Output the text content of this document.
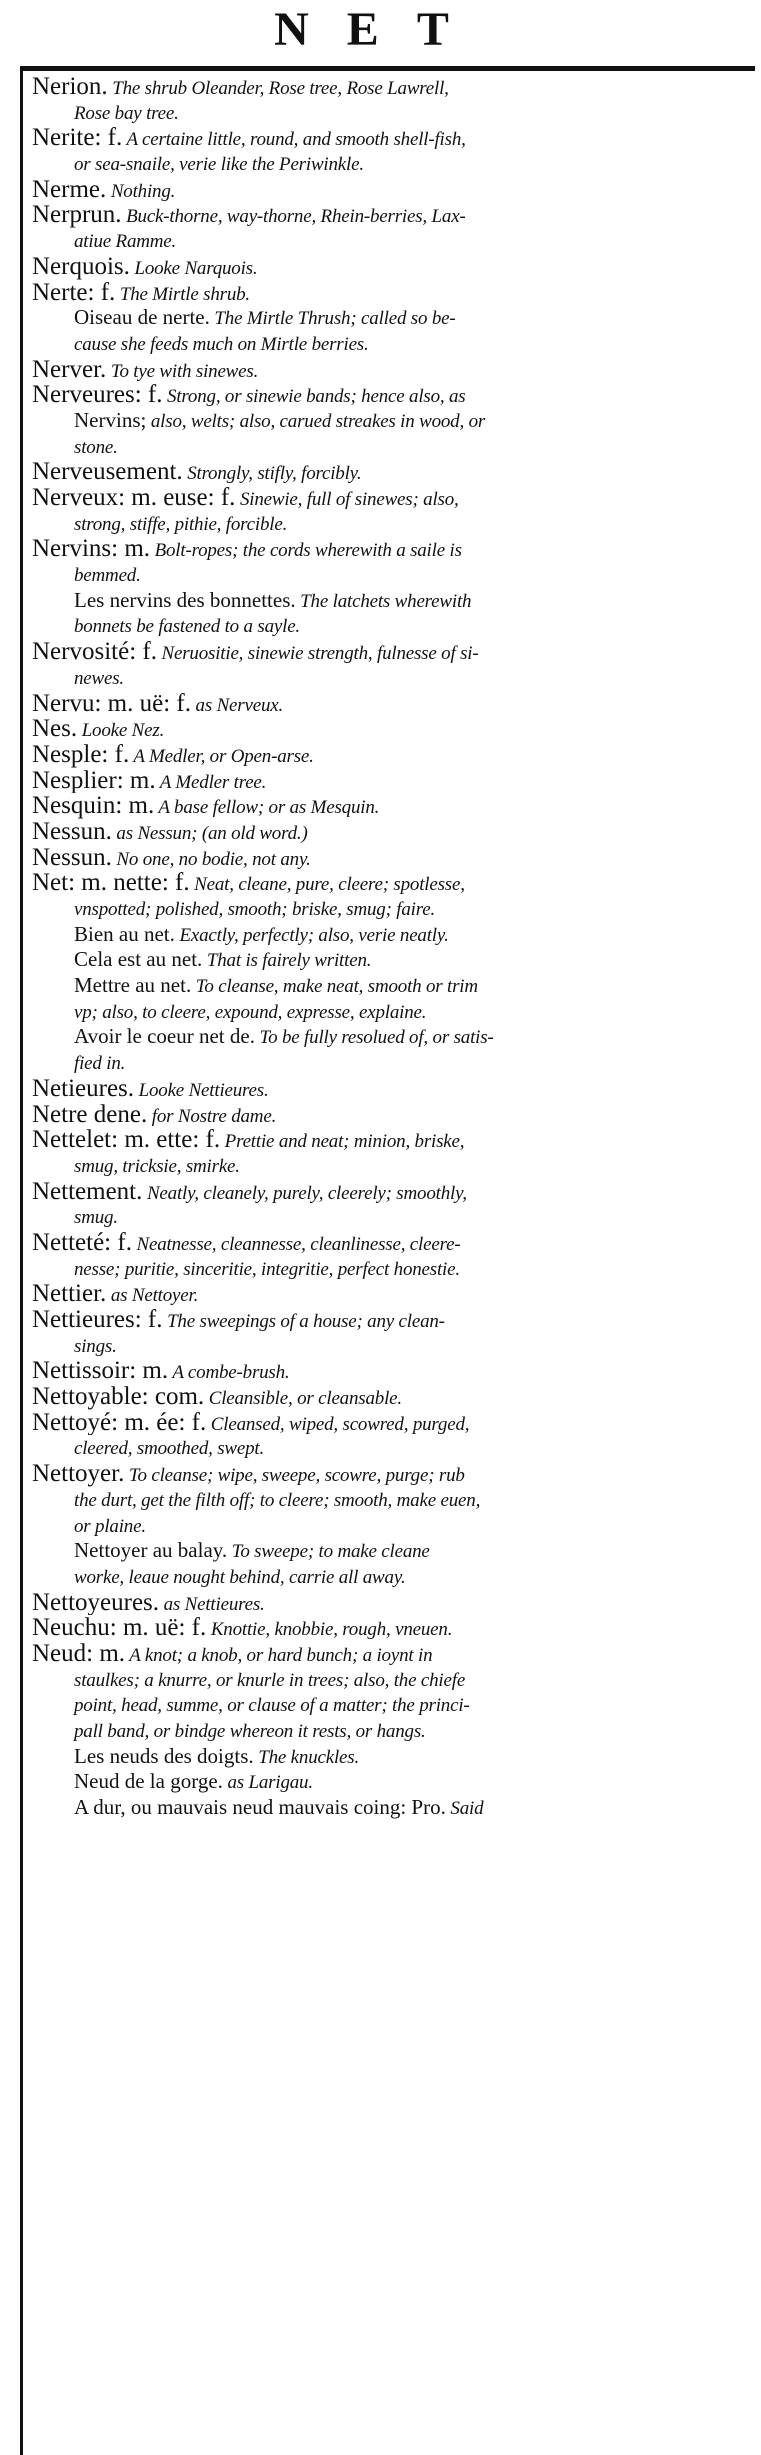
NET
Nerion. The shrub Oleander, Rose tree, Rose Lawrell,
Rose bay tree.
Nerite: f. A certaine little, round, and smooth shell-fish,
or sea-snaile, verie like the Periwinkle.
Nerme. Nothing.
Nerprun. Buck-thorne, way-thorne, Rhein-berries, Lax-
atiue Ramme.
Nerquois. Looke Narquois.
Nerte: f. The Mirtle shrub.
Oiseau de nerte. The Mirtle Thrush; called so be-
cause she feeds much on Mirtle berries.
Nerver. To tye with sinewes.
Nerveures: f. Strong, or sinewie bands; hence also, as
Nervins; also, welts; also, carued streakes in wood, or
stone.
Nerveusement. Strongly, stifly, forcibly.
Nerveux: m. euse: f. Sinewie, full of sinewes; also,
strong, stiffe, pithie, forcible.
Nervins: m. Bolt-ropes; the cords wherewith a saile is
bemmed.
Les nervins des bonnettes. The latchets wherewith
bonnets be fastened to a sayle.
Nervosité: f. Neruositie, sinewie strength, fulnesse of si-
newes.
Nervu: m. uë: f. as Nerveux.
Nes. Looke Nez.
Nesple: f. A Medler, or Open-arse.
Nesplier: m. A Medler tree.
Nesquin: m. A base fellow; or as Mesquin.
Nessun. as Nessun; (an old word.)
Nessun. No one, no bodie, not any.
Net: m. nette: f. Neat, cleane, pure, cleere; spotlesse,
vnspotted; polished, smooth; briske, smug; faire.
Bien au net. Exactly, perfectly; also, verie neatly.
Cela est au net. That is fairely written.
Mettre au net. To cleanse, make neat, smooth or trim
vp; also, to cleere, expound, expresse, explaine.
Avoir le coeur net de. To be fully resolued of, or satis-
fied in.
Netieures. Looke Nettieures.
Netre dene. for Nostre dame.
Nettelet: m. ette: f. Prettie and neat; minion, briske,
smug, tricksie, smirke.
Nettement. Neatly, cleanely, purely, cleerely; smoothly,
smug.
Netteté: f. Neatnesse, cleannesse, cleanlinesse, cleere-
nesse; puritie, sinceritie, integritie, perfect honestie.
Nettier. as Nettoyer.
Nettieures: f. The sweepings of a house; any clean-
sings.
Nettissoir: m. A combe-brush.
Nettoyable: com. Cleansible, or cleansable.
Nettoyé: m. ée: f. Cleansed, wiped, scowred, purged,
cleered, smoothed, swept.
Nettoyer. To cleanse; wipe, sweepe, scowre, purge; rub
the durt, get the filth off; to cleere; smooth, make euen,
or plaine.
Nettoyer au balay. To sweepe; to make cleane
worke, leaue nought behind, carrie all away.
Nettoyeures. as Nettieures.
Neuchu: m. uë: f. Knottie, knobbie, rough, vneuen.
Neud: m. A knot; a knob, or hard bunch; a ioynt in
staulkes; a knurre, or knurle in trees; also, the chiefe
point, head, summe, or clause of a matter; the princi-
pall band, or bindge whereon it rests, or hangs.
Les neuds des doigts. The knuckles.
Neud de la gorge. as Larigau.
A dur, ou mauvais neud mauvais coing: Pro. Said
